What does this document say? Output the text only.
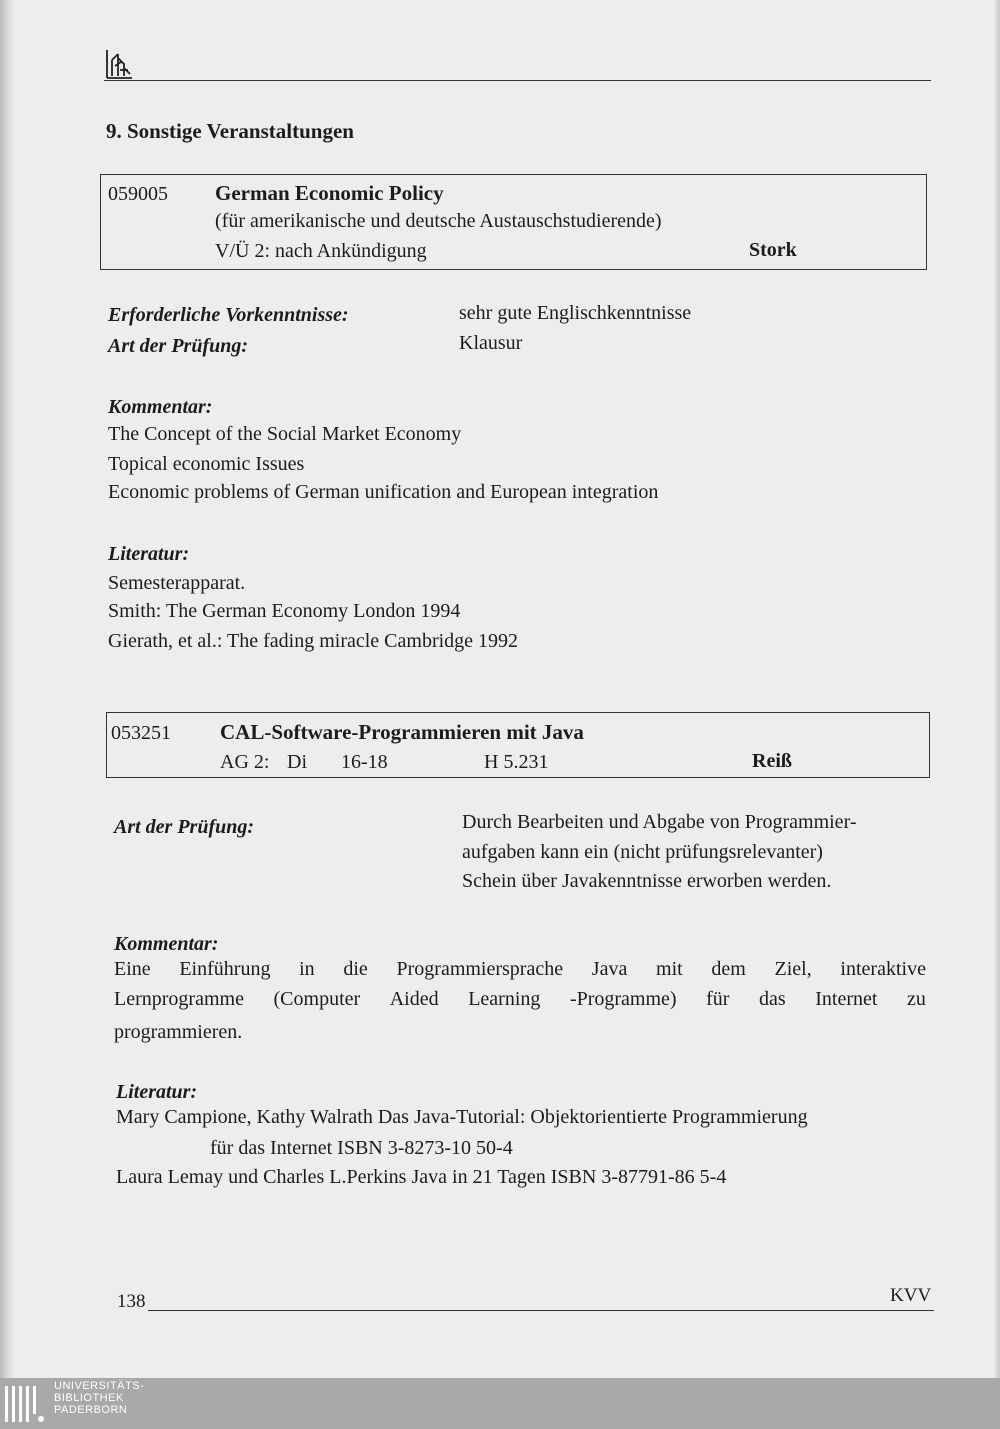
9. Sonstige Veranstaltungen
059005 German Economic Policy
(für amerikanische und deutsche Austauschstudierende)
V/Ü 2: nach Ankündigung	Stork
Erforderliche Vorkenntnisse:	sehr gute Englischkenntnisse
Art der Prüfung:	Klausur
Kommentar:
The Concept of the Social Market Economy
Topical economic Issues
Economic problems of German unification and European integration
Literatur:
Semesterapparat.
Smith: The German Economy London 1994
Gierath, et al.: The fading miracle Cambridge 1992
053251 CAL-Software-Programmieren mit Java
AG 2: Di 16-18	H 5.231	Reiß
Art der Prüfung:	Durch Bearbeiten und Abgabe von Programmier-
aufgaben kann ein (nicht prüfungsrelevanter)
Schein über Javakenntnisse erworben werden.
Kommentar:
Eine Einführung in die Programmiersprache Java mit dem Ziel, interaktive
Lernprogramme (Computer Aided Learning -Programme) für das Internet zu
programmieren.
Literatur:
Mary Campione, Kathy Walrath Das Java-Tutorial: Objektorientierte Programmierung
für das Internet ISBN 3-8273-10 50-4
Laura Lemay und Charles L.Perkins Java in 21 Tagen ISBN 3-87791-86 5-4
138	KVV
UNIVERSITÄTS-
BIBLIOTHEK
PADERBORN
